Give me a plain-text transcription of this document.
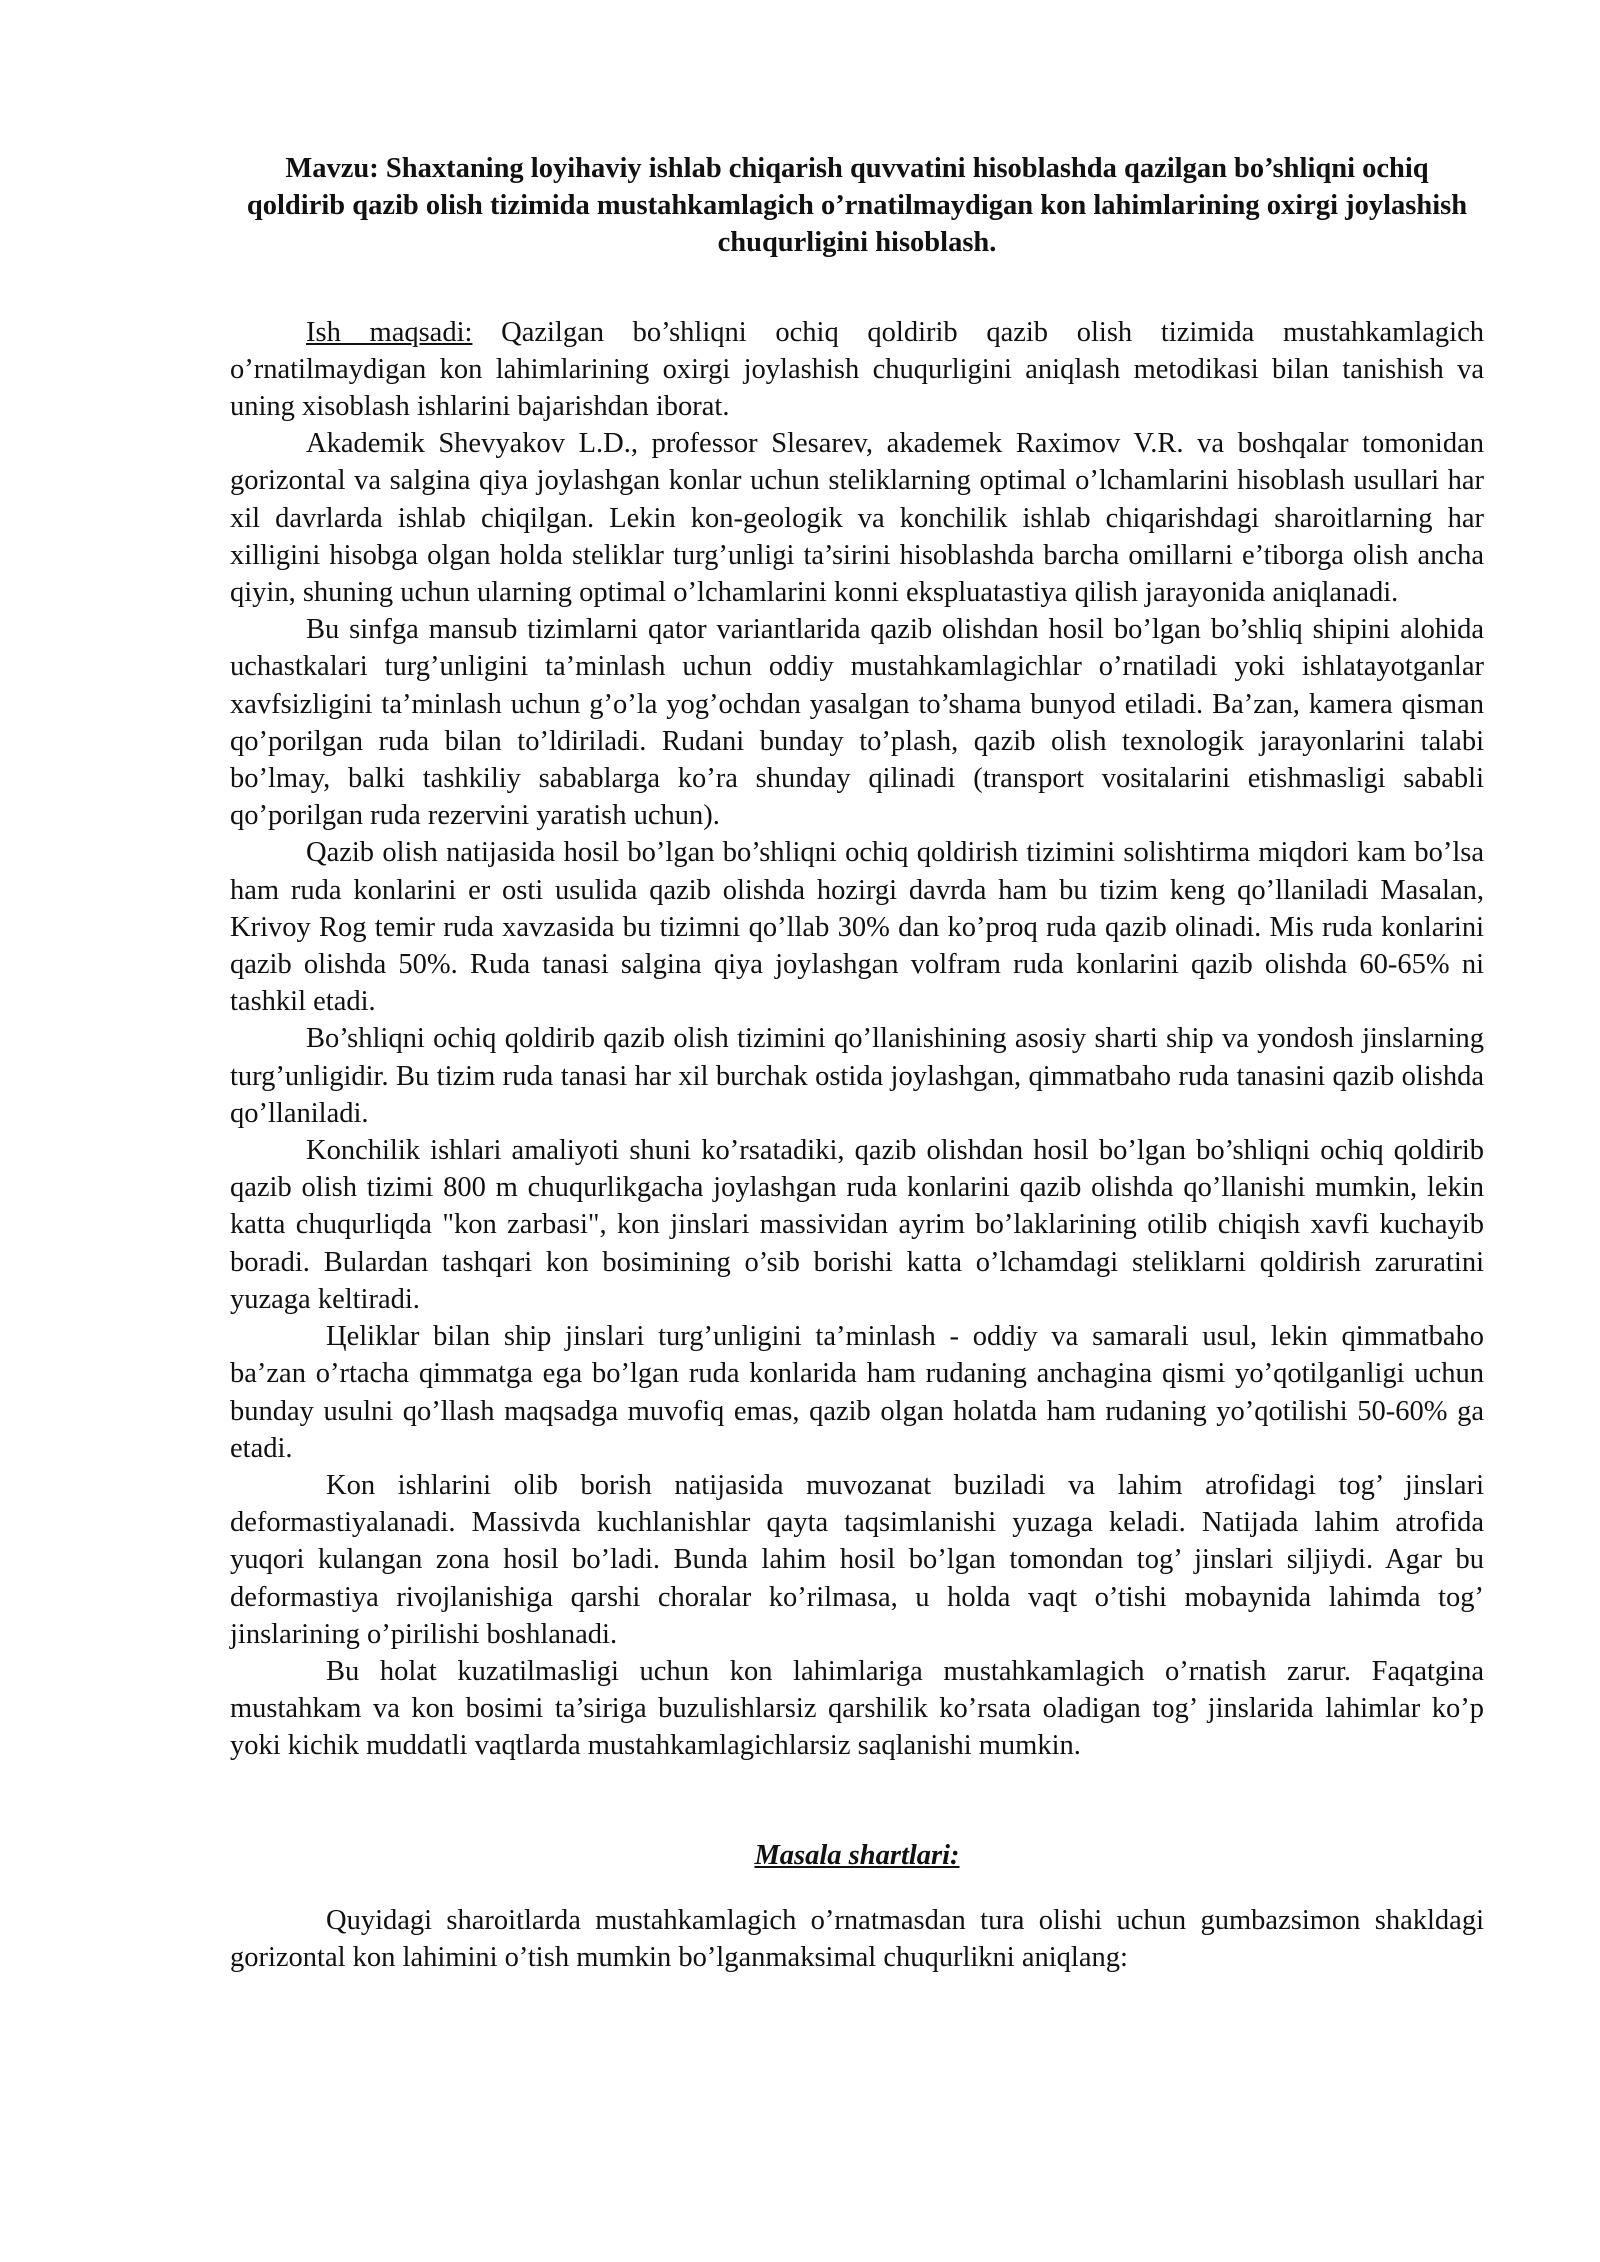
Mavzu: Shaxtaning loyihaviy ishlab chiqarish quvvatini hisoblashda qazilgan bo’shliqni ochiq qoldirib qazib olish tizimida mustahkamlagich o’rnatilmaydigan kon lahimlarining oxirgi joylashish chuqurligini hisoblash.

Ish maqsadi: Qazilgan bo’shliqni ochiq qoldirib qazib olish tizimida mustahkamlagich o’rnatilmaydigan kon lahimlarining oxirgi joylashish chuqurligini aniqlash metodikasi bilan tanishish va uning xisoblash ishlarini bajarishdan iborat.

Akademik Shevyakov L.D., professor Slesarev, akademek Raximov V.R. va boshqalar tomonidan gorizontal va salgina qiya joylashgan konlar uchun steliklarning optimal o’lchamlarini hisoblash usullari har xil davrlarda ishlab chiqilgan. Lekin kon-geologik va konchilik ishlab chiqarishdagi sharoitlarning har xilligini hisobga olgan holda steliklar turg’unligi ta’sirini hisoblashda barcha omillarni e’tiborga olish ancha qiyin, shuning uchun ularning optimal o’lchamlarini konni ekspluatastiya qilish jarayonida aniqlanadi.

Bu sinfga mansub tizimlarni qator variantlarida qazib olishdan hosil bo’lgan bo’shliq shipini alohida uchastkalari turg’unligini ta’minlash uchun oddiy mustahkamlagichlar o’rnatiladi yoki ishlatayotganlar xavfsizligini ta’minlash uchun g’o’la yog’ochdan yasalgan to’shama bunyod etiladi. Ba’zan, kamera qisman qo’porilgan ruda bilan to’ldiriladi. Rudani bunday to’plash, qazib olish texnologik jarayonlarini talabi bo’lmay, balki tashkiliy sabablarga ko’ra shunday qilinadi (transport vositalarini etishmasligi sababli qo’porilgan ruda rezervini yaratish uchun).

Qazib olish natijasida hosil bo’lgan bo’shliqni ochiq qoldirish tizimini solishtirma miqdori kam bo’lsa ham ruda konlarini er osti usulida qazib olishda hozirgi davrda ham bu tizim keng qo’llaniladi Masalan, Krivoy Rog temir ruda xavzasida bu tizimni qo’llab 30% dan ko’proq ruda qazib olinadi. Mis ruda konlarini qazib olishda 50%. Ruda tanasi salgina qiya joylashgan volfram ruda konlarini qazib olishda 60-65% ni tashkil etadi.

Bo’shliqni ochiq qoldirib qazib olish tizimini qo’llanishining asosiy sharti ship va yondosh jinslarning turg’unligidir. Bu tizim ruda tanasi har xil burchak ostida joylashgan, qimmatbaho ruda tanasini qazib olishda qo’llaniladi.

Konchilik ishlari amaliyoti shuni ko’rsatadiki, qazib olishdan hosil bo’lgan bo’shliqni ochiq qoldirib qazib olish tizimi 800 m chuqurlikgacha joylashgan ruda konlarini qazib olishda qo’llanishi mumkin, lekin katta chuqurliqda "kon zarbasi", kon jinslari massividan ayrim bo’laklarining otilib chiqish xavfi kuchayib boradi. Bulardan tashqari kon bosimining o’sib borishi katta o’lchamdagi steliklarni qoldirish zaruratini yuzaga keltiradi.

Цeliklar bilan ship jinslari turg’unligini ta’minlash - oddiy va samarali usul, lekin qimmatbaho ba’zan o’rtacha qimmatga ega bo’lgan ruda konlarida ham rudaning anchagina qismi yo’qotilganligi uchun bunday usulni qo’llash maqsadga muvofiq emas, qazib olgan holatda ham rudaning yo’qotilishi 50-60% ga etadi.

Kon ishlarini olib borish natijasida muvozanat buziladi va lahim atrofidagi tog’ jinslari deformastiyalanadi. Massivda kuchlanishlar qayta taqsimlanishi yuzaga keladi. Natijada lahim atrofida yuqori kulangan zona hosil bo’ladi. Bunda lahim hosil bo’lgan tomondan tog’ jinslari siljiydi. Agar bu deformastiya rivojlanishiga qarshi choralar ko’rilmasa, u holda vaqt o’tishi mobaynida lahimda tog’ jinslarining o’pirilishi boshlanadi.

Bu holat kuzatilmasligi uchun kon lahimlariga mustahkamlagich o’rnatish zarur. Faqatgina mustahkam va kon bosimi ta’siriga buzulishlarsiz qarshilik ko’rsata oladigan tog’ jinslarida lahimlar ko’p yoki kichik muddatli vaqtlarda mustahkamlagichlarsiz saqlanishi mumkin.

Masala shartlari:

Quyidagi sharoitlarda mustahkamlagich o’rnatmasdan tura olishi uchun gumbazsimon shakldagi gorizontal kon lahimini o’tish mumkin bo’lganmaksimal chuqurlikni aniqlang:
